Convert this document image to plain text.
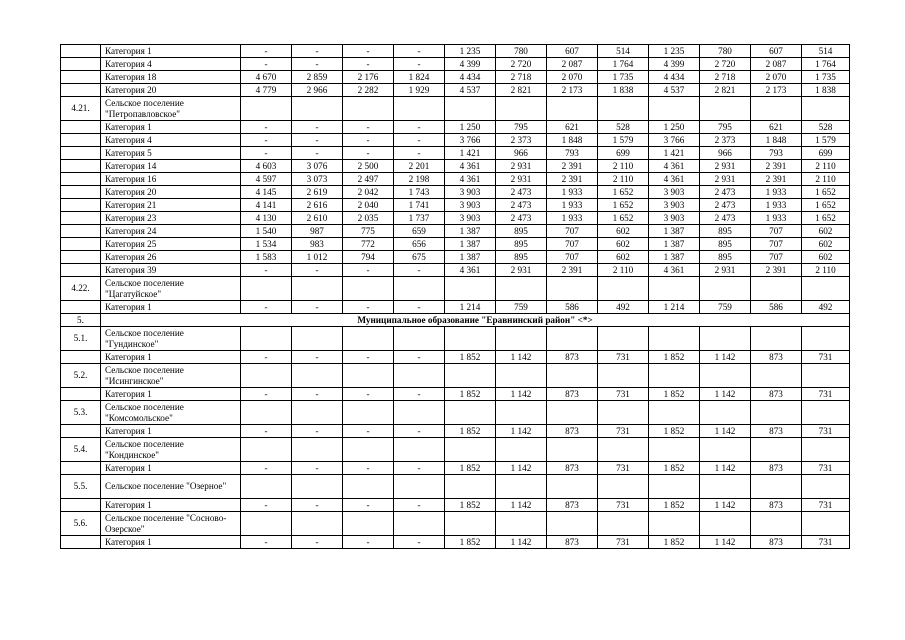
	Категория 1	-	-	-	-	1 235	780	607	514	1 235	780	607	514
	Категория 4	-	-	-	-	4 399	2 720	2 087	1 764	4 399	2 720	2 087	1 764
	Категория 18	4 670	2 859	2 176	1 824	4 434	2 718	2 070	1 735	4 434	2 718	2 070	1 735
	Категория 20	4 779	2 966	2 282	1 929	4 537	2 821	2 173	1 838	4 537	2 821	2 173	1 838
4.21.	Сельское поселение "Петропавловское"												
	Категория 1	-	-	-	-	1 250	795	621	528	1 250	795	621	528
	Категория 4	-	-	-	-	3 766	2 373	1 848	1 579	3 766	2 373	1 848	1 579
	Категория 5	-	-	-	-	1 421	966	793	699	1 421	966	793	699
	Категория 14	4 603	3 076	2 500	2 201	4 361	2 931	2 391	2 110	4 361	2 931	2 391	2 110
	Категория 16	4 597	3 073	2 497	2 198	4 361	2 931	2 391	2 110	4 361	2 931	2 391	2 110
	Категория 20	4 145	2 619	2 042	1 743	3 903	2 473	1 933	1 652	3 903	2 473	1 933	1 652
	Категория 21	4 141	2 616	2 040	1 741	3 903	2 473	1 933	1 652	3 903	2 473	1 933	1 652
	Категория 23	4 130	2 610	2 035	1 737	3 903	2 473	1 933	1 652	3 903	2 473	1 933	1 652
	Категория 24	1 540	987	775	659	1 387	895	707	602	1 387	895	707	602
	Категория 25	1 534	983	772	656	1 387	895	707	602	1 387	895	707	602
	Категория 26	1 583	1 012	794	675	1 387	895	707	602	1 387	895	707	602
	Категория 39	-	-	-	-	4 361	2 931	2 391	2 110	4 361	2 931	2 391	2 110
4.22.	Сельское поселение "Цагатуйское"												
	Категория 1	-	-	-	-	1 214	759	586	492	1 214	759	586	492
5.	Муниципальное образование "Еравнинский район" <*>												
5.1.	Сельское поселение "Гундинское"												
	Категория 1	-	-	-	-	1 852	1 142	873	731	1 852	1 142	873	731
5.2.	Сельское поселение "Исингинское"												
	Категория 1	-	-	-	-	1 852	1 142	873	731	1 852	1 142	873	731
5.3.	Сельское поселение "Комсомольское"												
	Категория 1	-	-	-	-	1 852	1 142	873	731	1 852	1 142	873	731
5.4.	Сельское поселение "Кондинское"												
	Категория 1	-	-	-	-	1 852	1 142	873	731	1 852	1 142	873	731
5.5.	Сельское поселение "Озерное"												
	Категория 1	-	-	-	-	1 852	1 142	873	731	1 852	1 142	873	731
5.6.	Сельское поселение "Сосново-Озерское"												
	Категория 1	-	-	-	-	1 852	1 142	873	731	1 852	1 142	873	731
